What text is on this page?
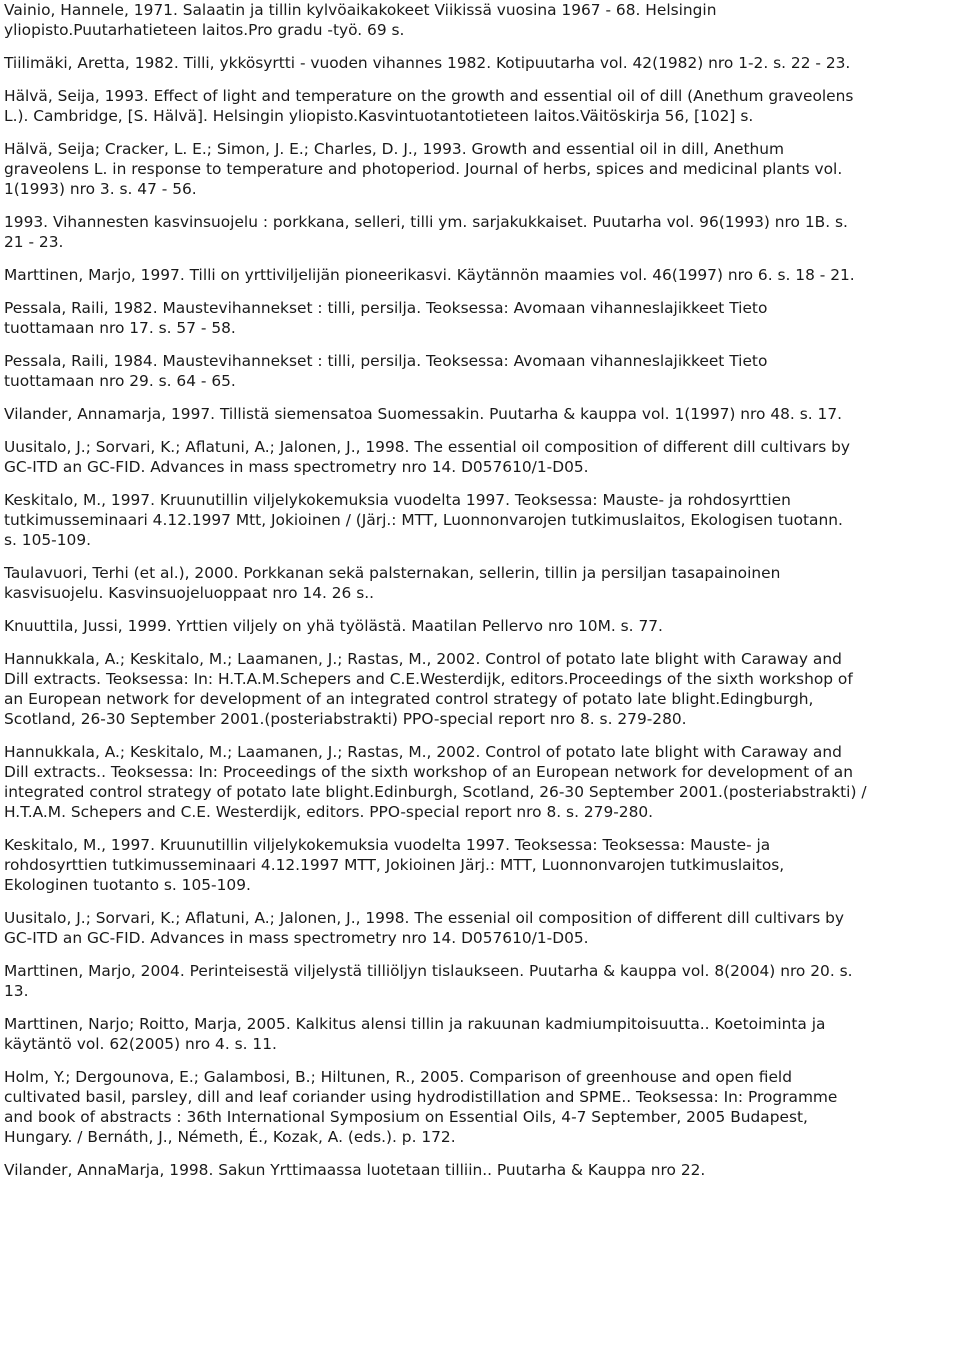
Vainio, Hannele, 1971. Salaatin ja tillin kylvöaikakokeet Viikissä vuosina 1967 - 68. Helsingin
yliopisto.Puutarhatieteen laitos.Pro gradu -työ. 69 s.

Tiilimäki, Aretta, 1982. Tilli, ykkösyrtti - vuoden vihannes 1982. Kotipuutarha vol. 42(1982) nro 1-2. s. 22 - 23.

Hälvä, Seija, 1993. Effect of light and temperature on the growth and essential oil of dill (Anethum graveolens
L.). Cambridge, [S. Hälvä]. Helsingin yliopisto.Kasvintuotantotieteen laitos.Väitöskirja 56, [102] s.

Hälvä, Seija; Cracker, L. E.; Simon, J. E.; Charles, D. J., 1993. Growth and essential oil in dill, Anethum
graveolens L. in response to temperature and photoperiod. Journal of herbs, spices and medicinal plants vol.
1(1993) nro 3. s. 47 - 56.

1993. Vihannesten kasvinsuojelu : porkkana, selleri, tilli ym. sarjakukkaiset. Puutarha vol. 96(1993) nro 1B. s.
21 - 23.

Marttinen, Marjo, 1997. Tilli on yrttiviljelijän pioneerikasvi. Käytännön maamies vol. 46(1997) nro 6. s. 18 - 21.

Pessala, Raili, 1982. Maustevihannekset : tilli, persilja. Teoksessa: Avomaan vihanneslajikkeet Tieto
tuottamaan nro 17. s. 57 - 58.

Pessala, Raili, 1984. Maustevihannekset : tilli, persilja. Teoksessa: Avomaan vihanneslajikkeet Tieto
tuottamaan nro 29. s. 64 - 65.

Vilander, Annamarja, 1997. Tillistä siemensatoa Suomessakin. Puutarha & kauppa vol. 1(1997) nro 48. s. 17.

Uusitalo, J.; Sorvari, K.; Aflatuni, A.; Jalonen, J., 1998. The essential oil composition of different dill cultivars by
GC-ITD an GC-FID. Advances in mass spectrometry nro 14. D057610/1-D05.

Keskitalo, M., 1997. Kruunutillin viljelykokemuksia vuodelta 1997. Teoksessa: Mauste- ja rohdosyrttien
tutkimusseminaari 4.12.1997 Mtt, Jokioinen / (Järj.: MTT, Luonnonvarojen tutkimuslaitos, Ekologisen tuotann.
s. 105-109.

Taulavuori, Terhi (et al.), 2000. Porkkanan sekä palsternakan, sellerin, tillin ja persiljan tasapainoinen
kasvisuojelu. Kasvinsuojeluoppaat nro 14. 26 s..

Knuuttila, Jussi, 1999. Yrttien viljely on yhä työlästä. Maatilan Pellervo nro 10M. s. 77.

Hannukkala, A.; Keskitalo, M.; Laamanen, J.; Rastas, M., 2002. Control of potato late blight with Caraway and
Dill extracts. Teoksessa: In: H.T.A.M.Schepers and C.E.Westerdijk, editors.Proceedings of the sixth workshop of
an European network for development of an integrated control strategy of potato late blight.Edingburgh,
Scotland, 26-30 September 2001.(posteriabstrakti) PPO-special report nro 8. s. 279-280.

Hannukkala, A.; Keskitalo, M.; Laamanen, J.; Rastas, M., 2002. Control of potato late blight with Caraway and
Dill extracts.. Teoksessa: In: Proceedings of the sixth workshop of an European network for development of an
integrated control strategy of potato late blight.Edinburgh, Scotland, 26-30 September 2001.(posteriabstrakti) /
H.T.A.M. Schepers and C.E. Westerdijk, editors. PPO-special report nro 8. s. 279-280.

Keskitalo, M., 1997. Kruunutillin viljelykokemuksia vuodelta 1997. Teoksessa: Teoksessa: Mauste- ja
rohdosyrttien tutkimusseminaari 4.12.1997 MTT, Jokioinen Järj.: MTT, Luonnonvarojen tutkimuslaitos,
Ekologinen tuotanto s. 105-109.

Uusitalo, J.; Sorvari, K.; Aflatuni, A.; Jalonen, J., 1998. The essenial oil composition of different dill cultivars by
GC-ITD an GC-FID. Advances in mass spectrometry nro 14. D057610/1-D05.

Marttinen, Marjo, 2004. Perinteisestä viljelystä tilliöljyn tislaukseen. Puutarha & kauppa vol. 8(2004) nro 20. s.
13.

Marttinen, Narjo; Roitto, Marja, 2005. Kalkitus alensi tillin ja rakuunan kadmiumpitoisuutta.. Koetoiminta ja
käytäntö vol. 62(2005) nro 4. s. 11.

Holm, Y.; Dergounova, E.; Galambosi, B.; Hiltunen, R., 2005. Comparison of greenhouse and open field
cultivated basil, parsley, dill and leaf coriander using hydrodistillation and SPME.. Teoksessa: In: Programme
and book of abstracts : 36th International Symposium on Essential Oils, 4-7 September, 2005 Budapest,
Hungary. / Bernáth, J., Németh, É., Kozak, A. (eds.). p. 172.

Vilander, AnnaMarja, 1998. Sakun Yrttimaassa luotetaan tilliin.. Puutarha & Kauppa nro 22.
